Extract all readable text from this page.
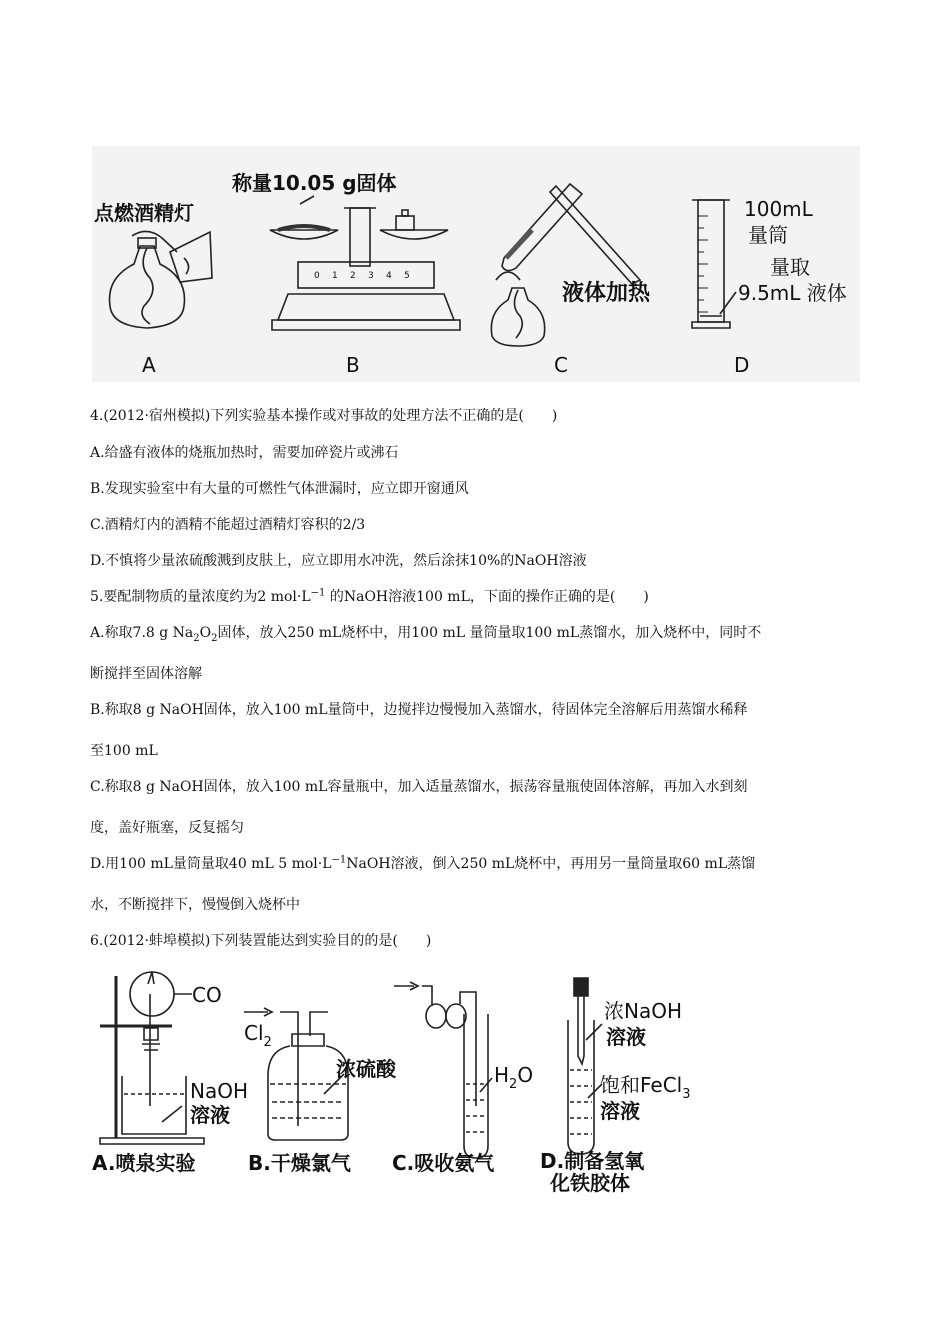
点燃酒精灯
A
称量10.05 g固体
0 1 2 3 4 5
B
液体加热
C
100mL
量筒
量取
9.5mL 液体
D
4.(2012·宿州模拟)下列实验基本操作或对事故的处理方法不正确的是(　　)
A.给盛有液体的烧瓶加热时，需要加碎瓷片或沸石
B.发现实验室中有大量的可燃性气体泄漏时，应立即开窗通风
C.酒精灯内的酒精不能超过酒精灯容积的2/3
D.不慎将少量浓硫酸溅到皮肤上，应立即用水冲洗，然后涂抹10%的NaOH溶液
5.要配制物质的量浓度约为2 $mol\cdot L^{-1}$ 的NaOH溶液100 mL，下面的操作正确的是(　　)
A.称取7.8 g $Na_2O_2$固体，放入250 mL烧杯中，用100 mL 量筒量取100 mL蒸馏水，加入烧杯中，同时不
断搅拌至固体溶解
B.称取8 g NaOH固体，放入100 mL量筒中，边搅拌边慢慢加入蒸馏水，待固体完全溶解后用蒸馏水稀释
至100 mL
C.称取8 g NaOH固体，放入100 mL容量瓶中，加入适量蒸馏水，振荡容量瓶使固体溶解，再加入水到刻
度，盖好瓶塞，反复摇匀
D.用100 mL量筒量取40 mL 5 $mol\cdot L^{-1}NaOH$溶液，倒入250 mL烧杯中，再用另一量筒量取60 mL蒸馏
水，不断搅拌下，慢慢倒入烧杯中
6.(2012·蚌埠模拟)下列装置能达到实验目的的是(　　)
CO
NaOH
溶液
A.喷泉实验
$Cl_2$
浓硫酸
B.干燥氯气
$H_2O$
C.吸收氨气
浓NaOH
溶液
饱和FeCl$_3$
溶液
D.制备氢氧
化铁胶体
